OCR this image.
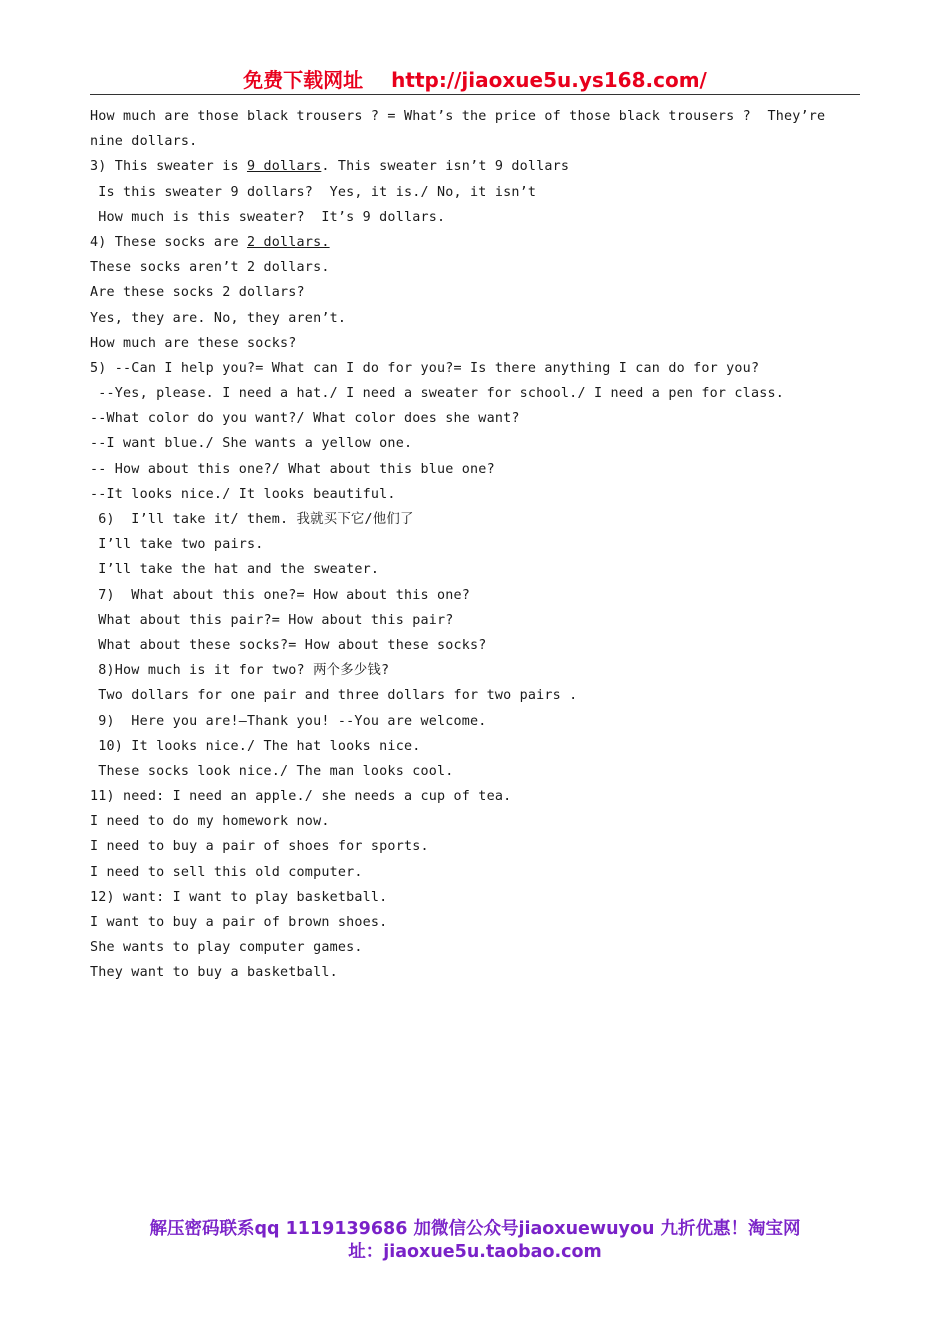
免费下载网址 http://jiaoxue5u.ys168.com/
How much are those black trousers ? = What’s the price of those black trousers ?  They’re
nine dollars.
3) This sweater is 9 dollars. This sweater isn’t 9 dollars
Is this sweater 9 dollars?  Yes, it is./ No, it isn’t
How much is this sweater?  It’s 9 dollars.
4) These socks are 2 dollars.
These socks aren’t 2 dollars.
Are these socks 2 dollars?
Yes, they are. No, they aren’t.
How much are these socks?
5) --Can I help you?= What can I do for you?= Is there anything I can do for you?
--Yes, please. I need a hat./ I need a sweater for school./ I need a pen for class.
--What color do you want?/ What color does she want?
--I want blue./ She wants a yellow one.
-- How about this one?/ What about this blue one?
--It looks nice./ It looks beautiful.
6)  I’ll take it/ them. 我就买下它/他们了
I’ll take two pairs.
I’ll take the hat and the sweater.
7)  What about this one?= How about this one?
What about this pair?= How about this pair?
What about these socks?= How about these socks?
8)How much is it for two? 两个多少钱?
Two dollars for one pair and three dollars for two pairs .
9)  Here you are!—Thank you! --You are welcome.
10) It looks nice./ The hat looks nice.
These socks look nice./ The man looks cool.
11) need: I need an apple./ she needs a cup of tea.
I need to do my homework now.
I need to buy a pair of shoes for sports.
I need to sell this old computer.
12) want: I want to play basketball.
I want to buy a pair of brown shoes.
She wants to play computer games.
They want to buy a basketball.
解压密码联系qq 1119139686 加微信公众号jiaoxuewuyou 九折优惠！淘宝网
址：jiaoxue5u.taobao.com
